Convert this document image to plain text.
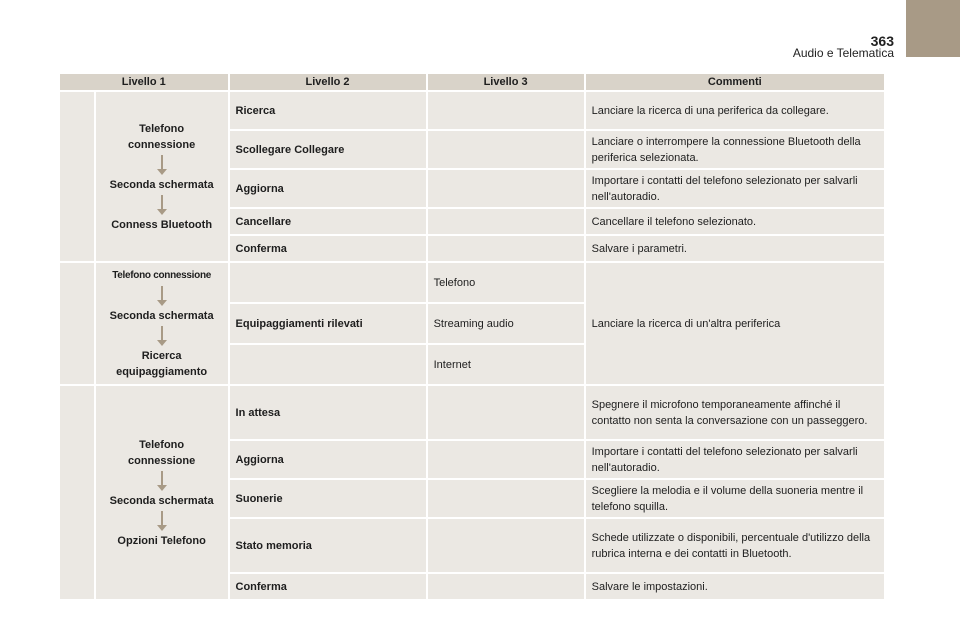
363
Audio e Telematica
Livello 1		Livello 2	Livello 3	Commenti

	Telefono
connessione
Seconda schermata
Conness Bluetooth	Ricerca		Lanciare la ricerca di una periferica da collegare.
		Scollegare Collegare		Lanciare o interrompere la connessione Bluetooth della periferica selezionata.
		Aggiorna		Importare i contatti del telefono selezionato per salvarli nell'autoradio.
		Cancellare		Cancellare il telefono selezionato.
		Conferma		Salvare i parametri.

	Telefono connessione
Seconda schermata
Ricerca
equipaggiamento		Telefono	Lanciare la ricerca di un'altra periferica
		Equipaggiamenti rilevati	Streaming audio	
			Internet	

	Telefono
connessione
Seconda schermata
Opzioni Telefono	In attesa		Spegnere il microfono temporaneamente affinché il contatto non senta la conversazione con un passeggero.
		Aggiorna		Importare i contatti del telefono selezionato per salvarli nell'autoradio.
		Suonerie		Scegliere la melodia e il volume della suoneria mentre il telefono squilla.
		Stato memoria		Schede utilizzate o disponibili, percentuale d'utilizzo della rubrica interna e dei contatti in Bluetooth.
		Conferma		Salvare le impostazioni.
